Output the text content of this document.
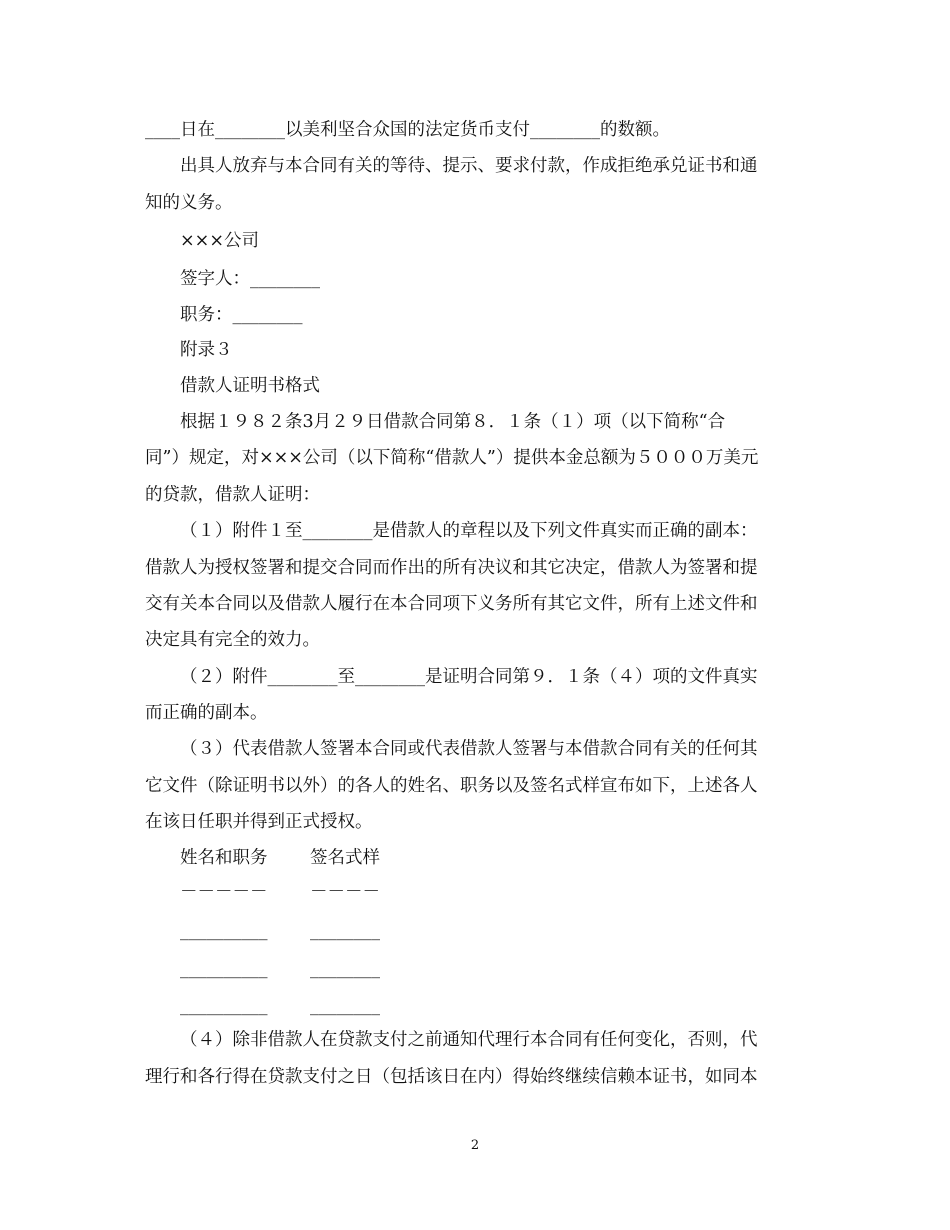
____日在________以美利坚合众国的法定货币支付________的数额。
出具人放弃与本合同有关的等待、提示、要求付款，作成拒绝承兑证书和通
知的义务。
×××公司
签字人：________
职务：________
附录３
借款人证明书格式
根据１９８２条3月２９日借款合同第８．１条（１）项（以下简称“合
同”）规定，对×××公司（以下简称“借款人”）提供本金总额为５０００万美元
的贷款，借款人证明：
（１）附件１至________是借款人的章程以及下列文件真实而正确的副本：
借款人为授权签署和提交合同而作出的所有决议和其它决定，借款人为签署和提
交有关本合同以及借款人履行在本合同项下义务所有其它文件，所有上述文件和
决定具有完全的效力。
（２）附件________至________是证明合同第９．１条（４）项的文件真实
而正确的副本。
（３）代表借款人签署本合同或代表借款人签署与本借款合同有关的任何其
它文件（除证明书以外）的各人的姓名、职务以及签名式样宣布如下，上述各人
在该日任职并得到正式授权。
姓名和职务 签名式样
－－－－－ －－－－
__________ ________
__________ ________
__________ ________
（４）除非借款人在贷款支付之前通知代理行本合同有任何变化，否则，代
理行和各行得在贷款支付之日（包括该日在内）得始终继续信赖本证书，如同本
2
